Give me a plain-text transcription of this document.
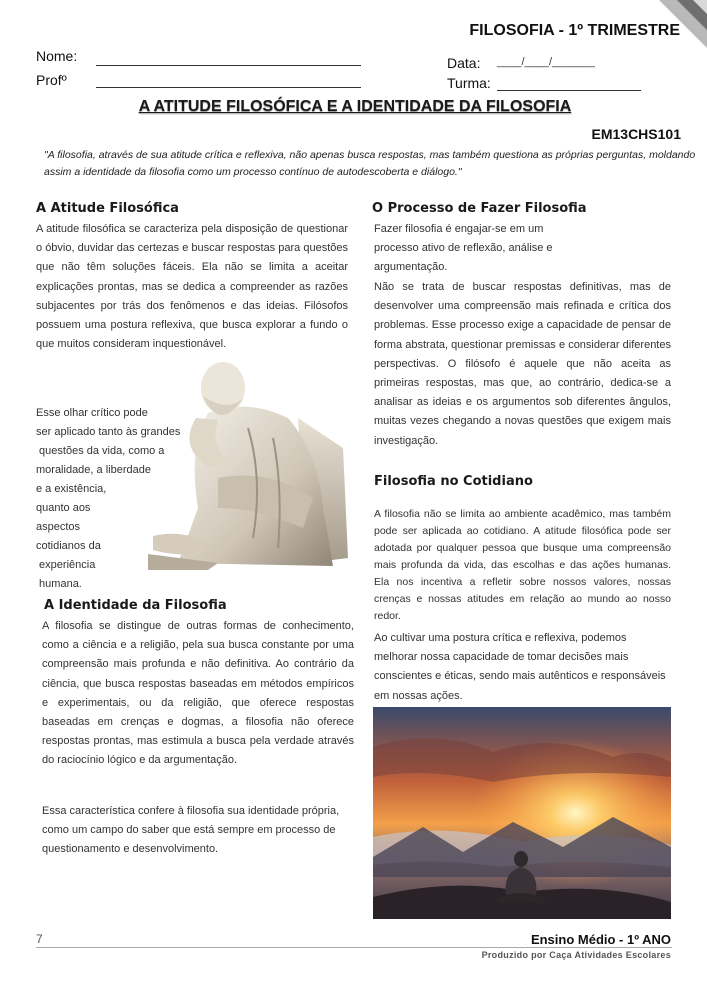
FILOSOFIA - 1º TRIMESTRE
Nome:
Profº
Data: ____/____/_______
Turma:
A ATITUDE FILOSÓFICA E A IDENTIDADE DA FILOSOFIA
EM13CHS101
"A filosofia, através de sua atitude crítica e reflexiva, não apenas busca respostas, mas também questiona as próprias perguntas, moldando assim a identidade da filosofia como um processo contínuo de autodescoberta e diálogo."
A Atitude Filosófica

A atitude filosófica se caracteriza pela disposição de questionar o óbvio, duvidar das certezas e buscar respostas para questões que não têm soluções fáceis. Ela não se limita a aceitar explicações prontas, mas se dedica a compreender as razões subjacentes por trás dos fenômenos e das ideias. Filósofos possuem uma postura reflexiva, que busca explorar a fundo o que muitos consideram inquestionável.

Esse olhar crítico pode
ser aplicado tanto às grandes
questões da vida, como a
moralidade, a liberdade
e a existência,
quanto aos
aspectos
cotidianos da
experiência
humana.
A Identidade da Filosofia

A filosofia se distingue de outras formas de conhecimento, como a ciência e a religião, pela sua busca constante por uma compreensão mais profunda e não definitiva. Ao contrário da ciência, que busca respostas baseadas em métodos empíricos e experimentais, ou da religião, que oferece respostas baseadas em crenças e dogmas, a filosofia não oferece respostas prontas, mas estimula a busca pela verdade através do raciocínio lógico e da argumentação.

Essa característica confere à filosofia sua identidade própria, como um campo do saber que está sempre em processo de questionamento e desenvolvimento.

O Processo de Fazer Filosofia
Fazer filosofia é engajar-se em um
processo ativo de reflexão, análise e
argumentação.

Não se trata de buscar respostas definitivas, mas de desenvolver uma compreensão mais refinada e crítica dos problemas. Esse processo exige a capacidade de pensar de forma abstrata, questionar premissas e considerar diferentes perspectivas. O filósofo é aquele que não aceita as primeiras respostas, mas que, ao contrário, dedica-se a analisar as ideias e os argumentos sob diferentes ângulos, muitas vezes chegando a novas questões que exigem mais investigação.

Filosofia no Cotidiano

A filosofia não se limita ao ambiente acadêmico, mas também pode ser aplicada ao cotidiano. A atitude filosófica pode ser adotada por qualquer pessoa que busque uma compreensão mais profunda da vida, das escolhas e das ações humanas. Ela nos incentiva a refletir sobre nossos valores, nossas crenças e nossas atitudes em relação ao mundo ao nosso redor.

Ao cultivar uma postura crítica e reflexiva, podemos melhorar nossa capacidade de tomar decisões mais conscientes e éticas, sendo mais autênticos e responsáveis em nossas ações.

7	Ensino Médio - 1º ANO
Produzido por Caça Atividades Escolares
